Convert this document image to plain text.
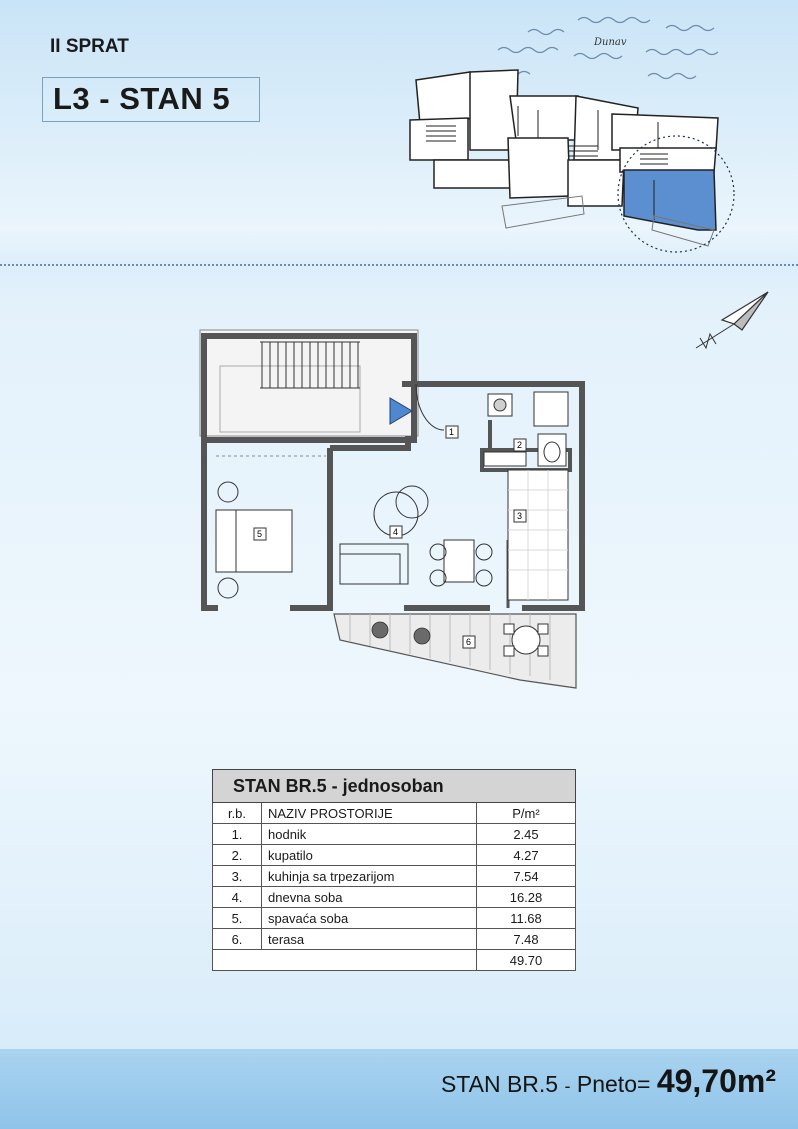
II SPRAT
L3 - STAN 5
Dunav
1
2
3
4
5
6
STAN BR.5 - jednosoban		
r.b.	NAZIV PROSTORIJE	P/m²
1.	hodnik	2.45
2.	kupatilo	4.27
3.	kuhinja sa trpezarijom	7.54
4.	dnevna soba	16.28
5.	spavaća soba	11.68
6.	terasa	7.48
		49.70
STAN BR.5 - Pneto= 49,70m²
